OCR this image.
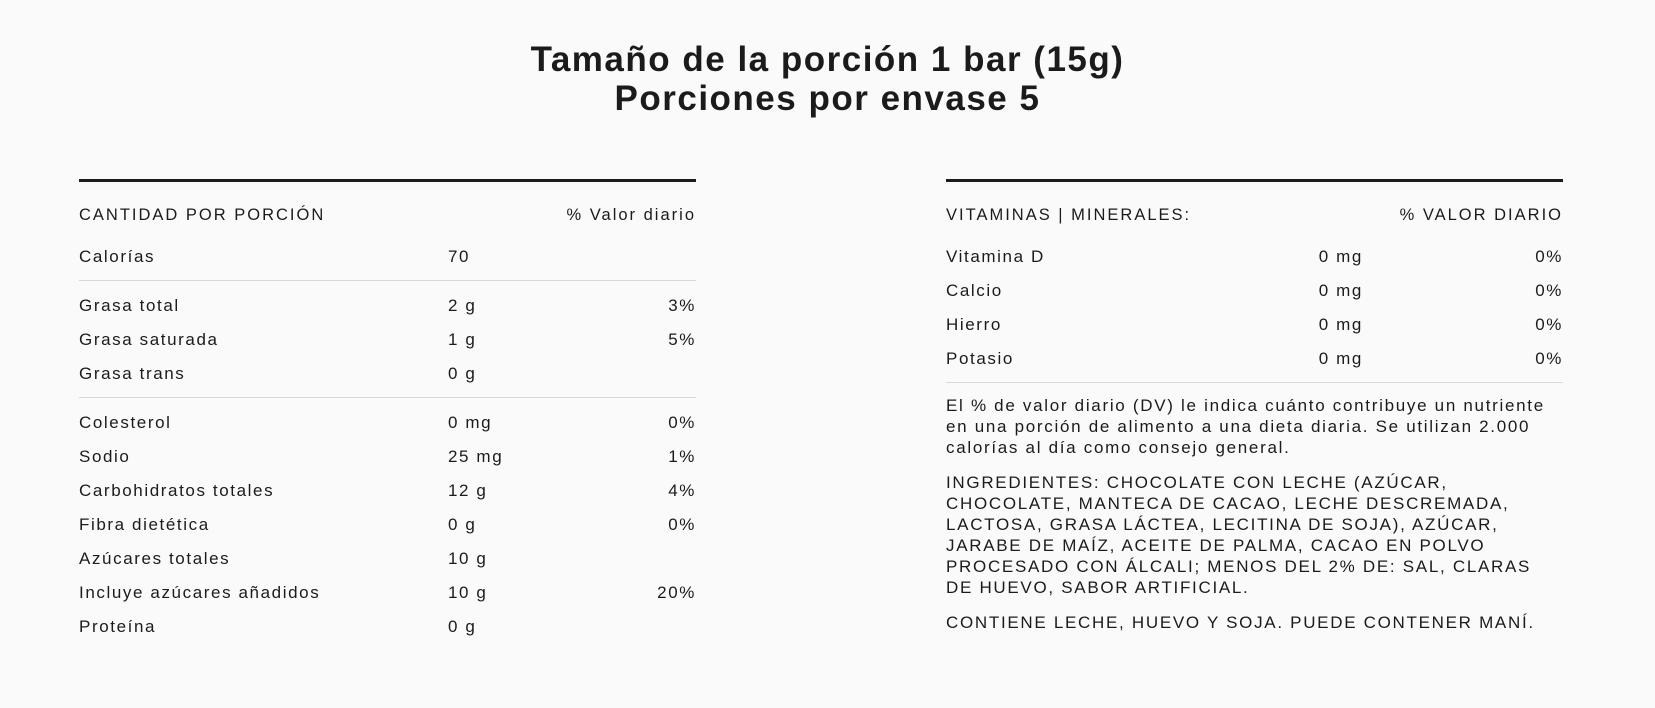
Tamaño de la porción 1 bar (15g)
Porciones por envase 5
CANTIDAD POR PORCIÓN	% Valor diario
Calorías	70
Grasa total	2 g	3%
Grasa saturada	1 g	5%
Grasa trans	0 g
Colesterol	0 mg	0%
Sodio	25 mg	1%
Carbohidratos totales	12 g	4%
Fibra dietética	0 g	0%
Azúcares totales	10 g
Incluye azúcares añadidos	10 g	20%
Proteína	0 g
VITAMINAS | MINERALES:	% VALOR DIARIO
Vitamina D	0 mg	0%
Calcio	0 mg	0%
Hierro	0 mg	0%
Potasio	0 mg	0%

El % de valor diario (DV) le indica cuánto contribuye un nutriente en una porción de alimento a una dieta diaria. Se utilizan 2.000 calorías al día como consejo general.

INGREDIENTES: CHOCOLATE CON LECHE (AZÚCAR, CHOCOLATE, MANTECA DE CACAO, LECHE DESCREMADA, LACTOSA, GRASA LÁCTEA, LECITINA DE SOJA), AZÚCAR, JARABE DE MAÍZ, ACEITE DE PALMA, CACAO EN POLVO PROCESADO CON ÁLCALI; MENOS DEL 2% DE: SAL, CLARAS DE HUEVO, SABOR ARTIFICIAL.

CONTIENE LECHE, HUEVO Y SOJA. PUEDE CONTENER MANÍ.
